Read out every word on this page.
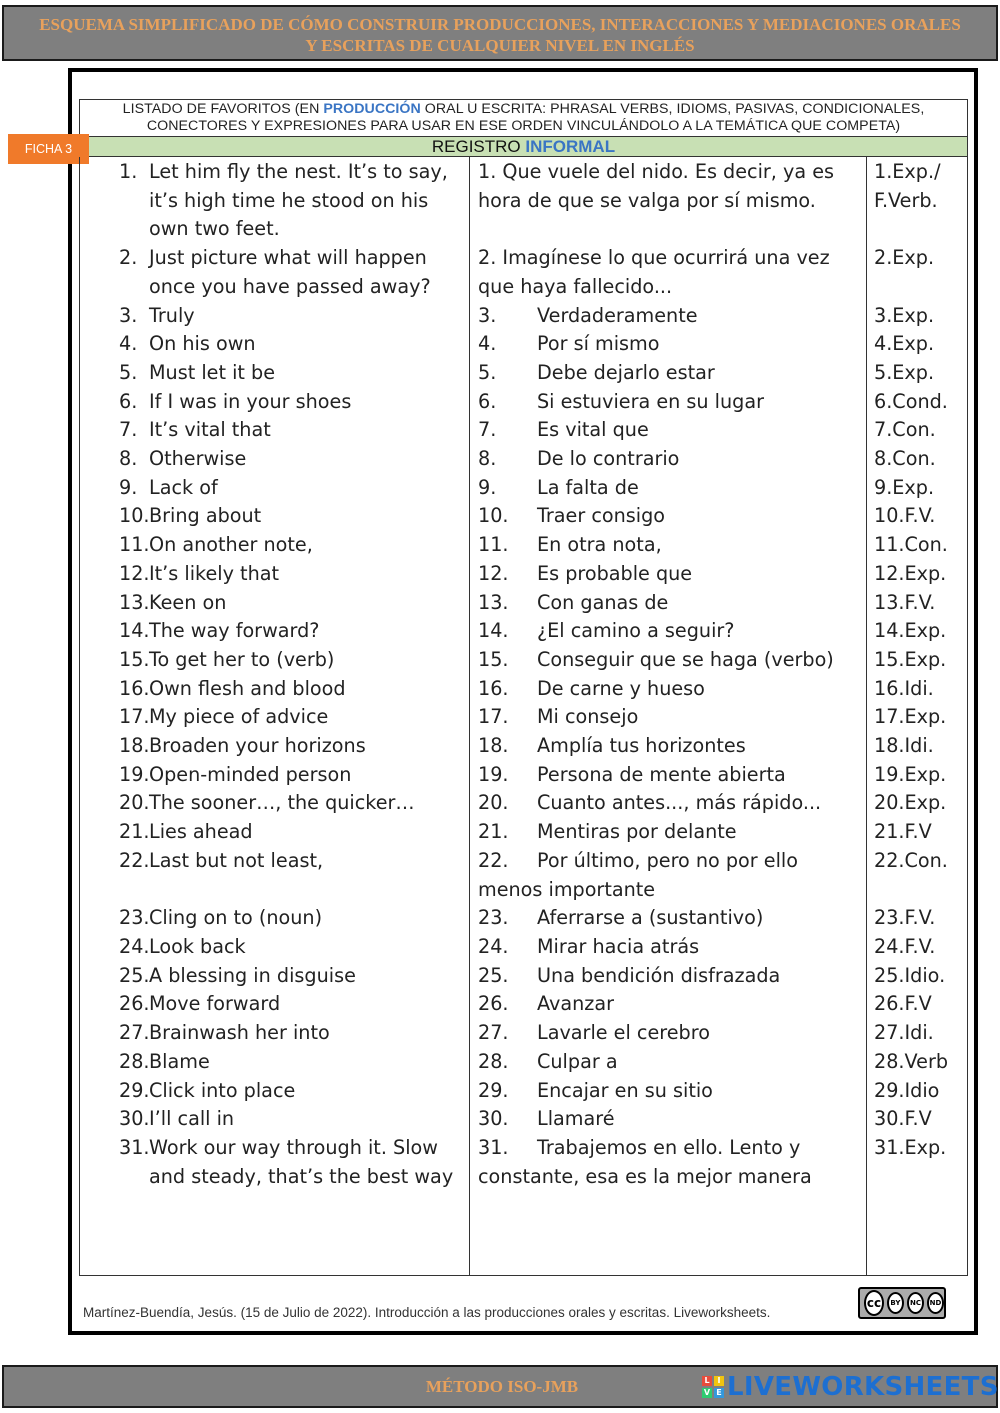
ESQUEMA SIMPLIFICADO DE CÓMO CONSTRUIR PRODUCCIONES, INTERACCIONES Y MEDIACIONES ORALES
Y ESCRITAS DE CUALQUIER NIVEL EN INGLÉS
LISTADO DE FAVORITOS (EN PRODUCCIÓN ORAL U ESCRITA: PHRASAL VERBS, IDIOMS, PASIVAS, CONDICIONALES,
CONECTORES Y EXPRESIONES PARA USAR EN ESE ORDEN VINCULÁNDOLO A LA TEMÁTICA QUE COMPETA)
REGISTRO INFORMAL
FICHA 3
1. Let him fly the nest. It’s to say, it’s high time he stood on his own two feet.
1. Que vuele del nido. Es decir, ya es hora de que se valga por sí mismo.
1.Exp./ F.Verb.
2. Just picture what will happen once you have passed away?
2. Imagínese lo que ocurrirá una vez que haya fallecido...
2.Exp.
3. Truly	3. Verdaderamente	3.Exp.
4. On his own	4. Por sí mismo	4.Exp.
5. Must let it be	5. Debe dejarlo estar	5.Exp.
6. If I was in your shoes	6. Si estuviera en su lugar	6.Cond.
7. It’s vital that	7. Es vital que	7.Con.
8. Otherwise	8. De lo contrario	8.Con.
9. Lack of	9. La falta de	9.Exp.
10. Bring about	10. Traer consigo	10.F.V.
11. On another note,	11. En otra nota,	11.Con.
12. It’s likely that	12. Es probable que	12.Exp.
13. Keen on	13. Con ganas de	13.F.V.
14. The way forward?	14. ¿El camino a seguir?	14.Exp.
15. To get her to (verb)	15. Conseguir que se haga (verbo)	15.Exp.
16. Own flesh and blood	16. De carne y hueso	16.Idi.
17. My piece of advice	17. Mi consejo	17.Exp.
18. Broaden your horizons	18. Amplía tus horizontes	18.Idi.
19. Open-minded person	19. Persona de mente abierta	19.Exp.
20. The sooner…, the quicker…	20. Cuanto antes..., más rápido...	20.Exp.
21. Lies ahead	21. Mentiras por delante	21.F.V
22. Last but not least,	22. Por último, pero no por ello menos importante
22.Con.
23. Cling on to (noun)	23. Aferrarse a (sustantivo)	23.F.V.
24. Look back	24. Mirar hacia atrás	24.F.V.
25. A blessing in disguise	25. Una bendición disfrazada	25.Idio.
26. Move forward	26. Avanzar	26.F.V
27. Brainwash her into	27. Lavarle el cerebro	27.Idi.
28. Blame	28. Culpar a	28.Verb
29. Click into place	29. Encajar en su sitio	29.Idio
30. I’ll call in	30. Llamaré	30.F.V
31. Work our way through it. Slow and steady, that’s the best way
31. Trabajemos en ello. Lento y constante, esa es la mejor manera
31.Exp.
Martínez-Buendía, Jesús. (15 de Julio de 2022). Introducción a las producciones orales y escritas. Liveworksheets.
cc	BY	NC	ND
MÉTODO ISO-JMB	L I
V E LIVEWORKSHEETS
